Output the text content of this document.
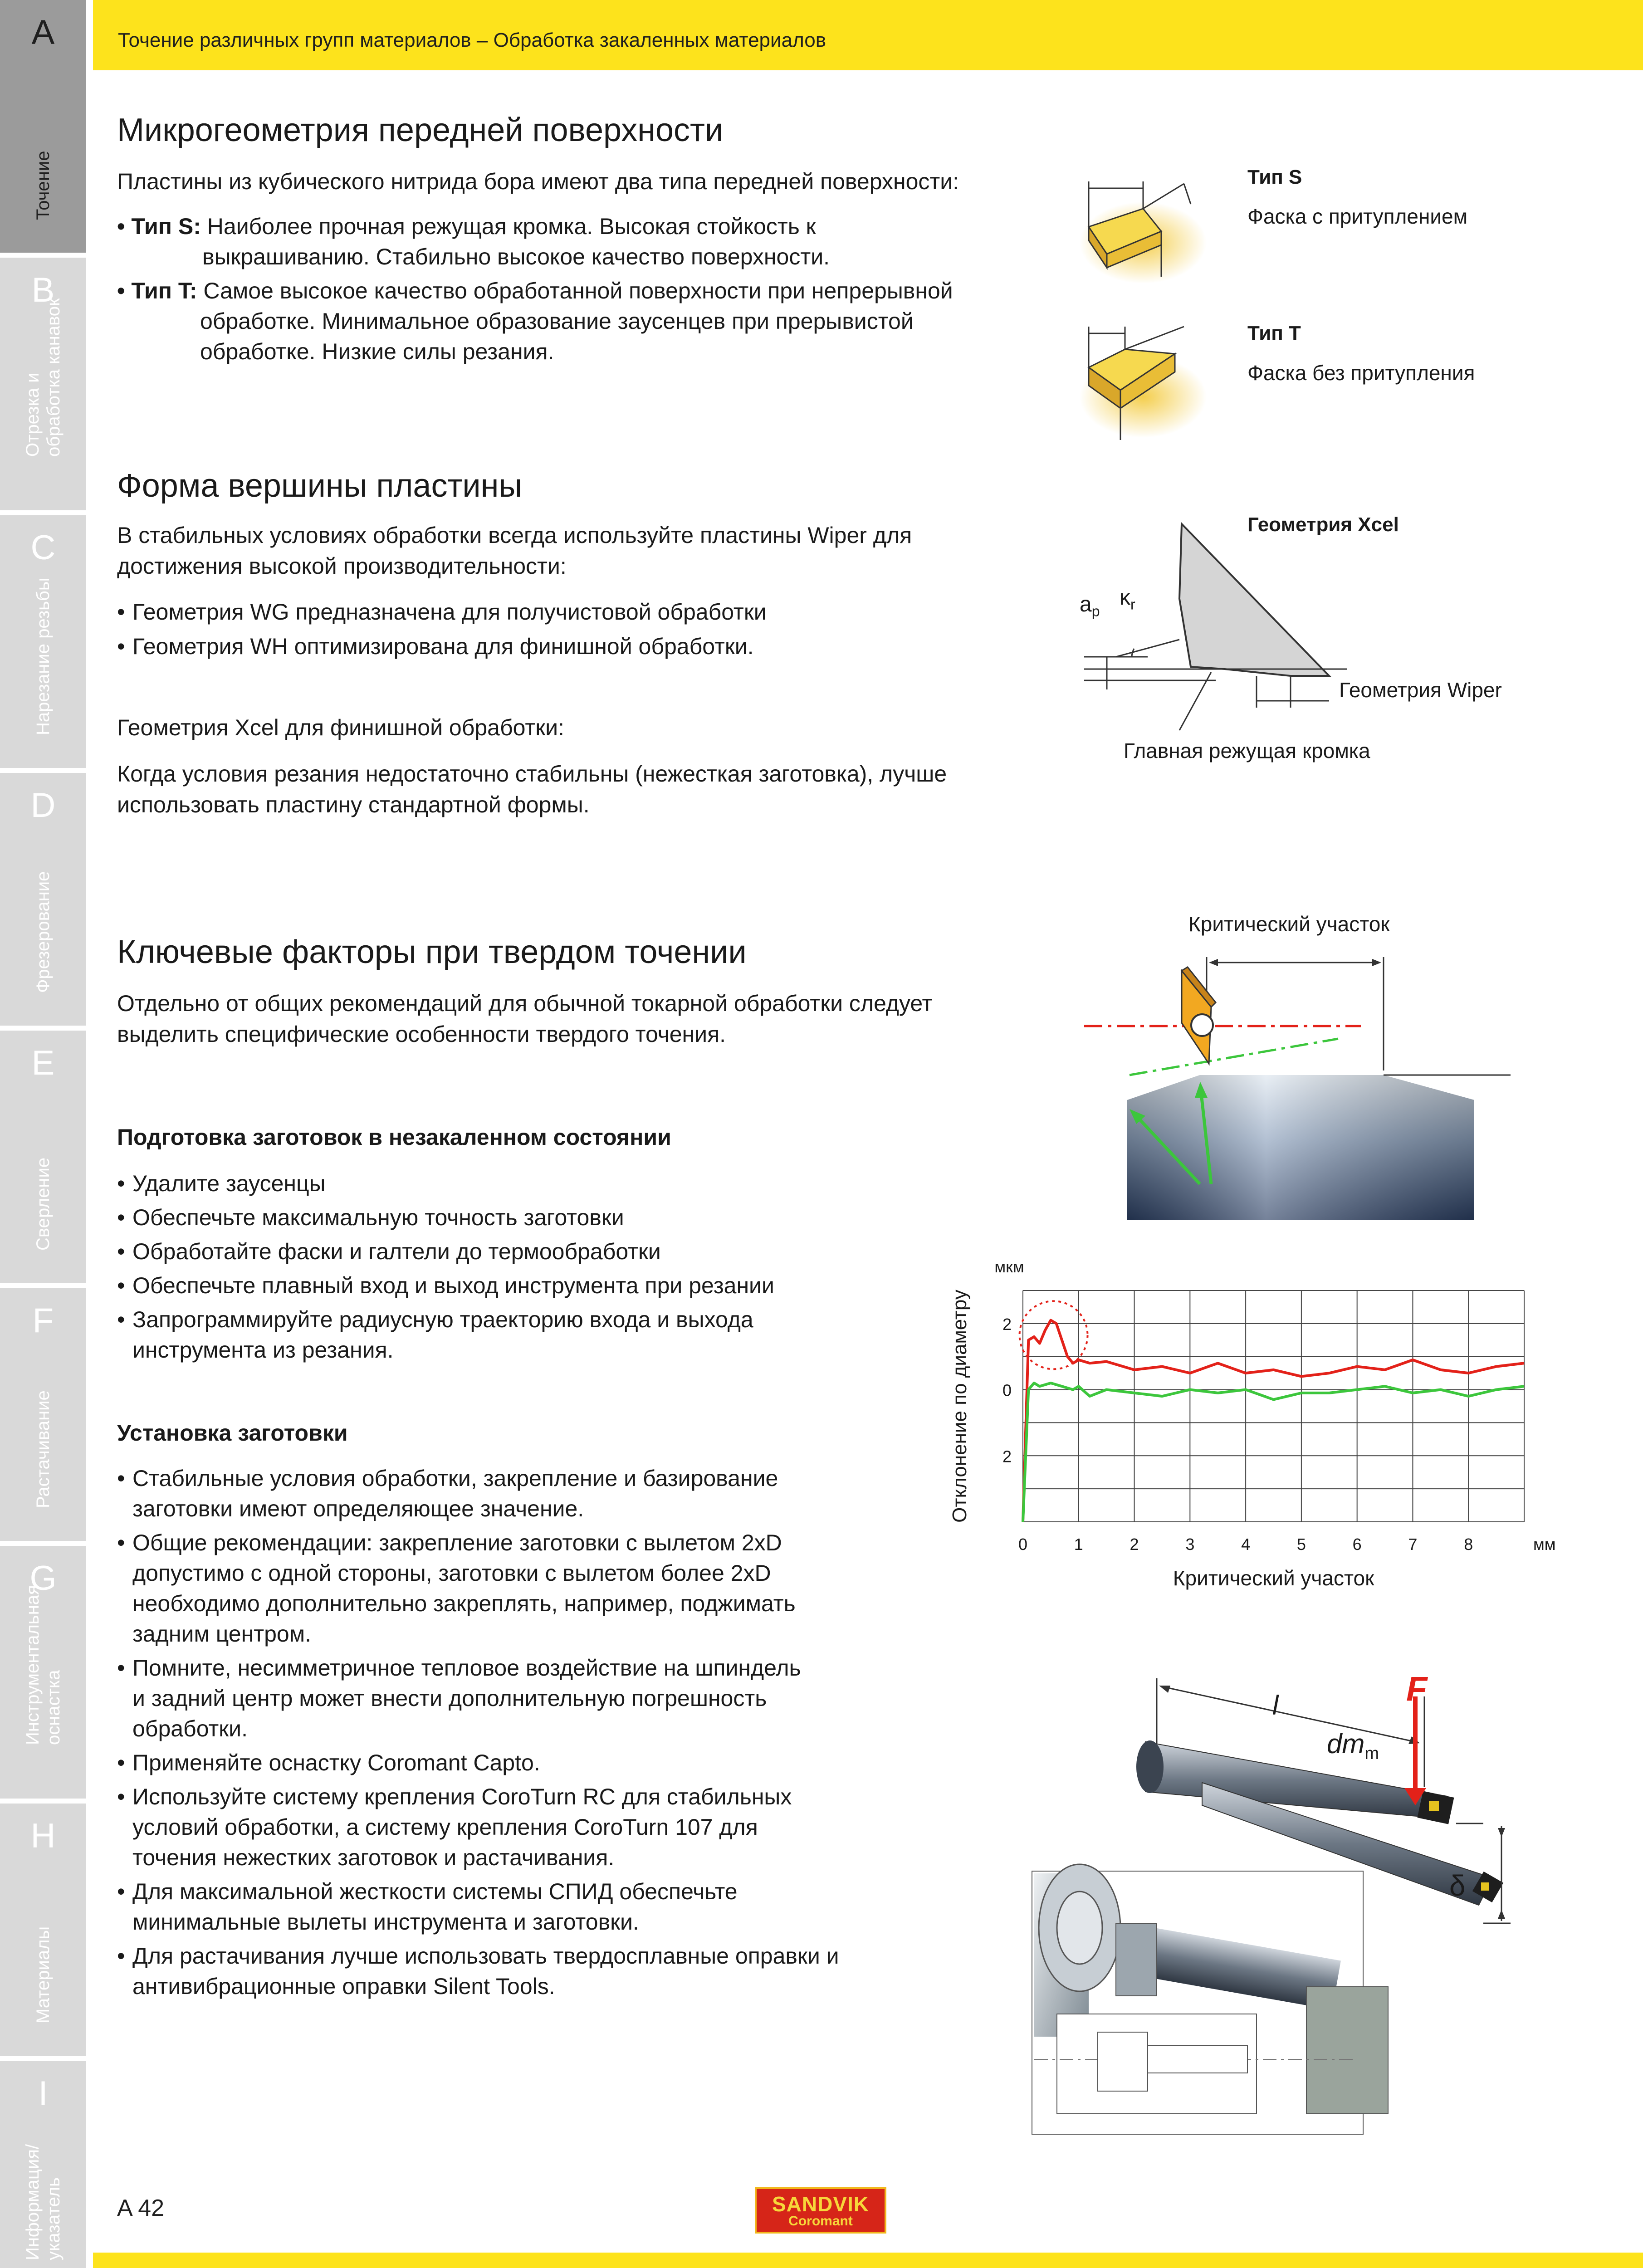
A
Точение
B
Отрезка и
обработка канавок
C
Нарезание резьбы
D
Фрезерование
E
Сверление
F
Растачивание
G
Инструментальная
оснастка
H
Материалы
I
Информация/
указатель
Точение различных групп материалов – Обработка закаленных материалов
Микрогеометрия передней поверхности
Пластины из кубического нитрида бора имеют два типа передней поверхности:
• Тип S: Наиболее прочная режущая кромка. Высокая стойкость к
выкрашиванию. Стабильно высокое качество поверхности.
• Тип T: Самое высокое качество обработанной поверхности при непрерывной
обработке. Минимальное образование заусенцев при прерывистой
обработке. Низкие силы резания.
Тип S
Фаска с притуплением
Тип T
Фаска без притупления
Форма вершины пластины
В стабильных условиях обработки всегда используйте пластины Wiper для
достижения высокой производительности:
• Геометрия WG предназначена для получистовой обработки
• Геометрия WH оптимизирована для финишной обработки.
Геометрия Xcel для финишной обработки:
Когда условия резания недостаточно стабильны (нежесткая заготовка), лучше
использовать пластину стандартной формы.
Геометрия Xcel
$a_p$
$\kappa_r$
Геометрия Wiper
Главная режущая кромка
Ключевые факторы при твердом точении
Отдельно от общих рекомендаций для обычной токарной обработки следует
выделить специфические особенности твердого точения.
Подготовка заготовок в незакаленном состоянии
• Удалите заусенцы
• Обеспечьте максимальную точность заготовки
• Обработайте фаски и галтели до термообработки
• Обеспечьте плавный вход и выход инструмента при резании
• Запрограммируйте радиусную траекторию входа и выхода
инструмента из резания.
Установка заготовки
• Стабильные условия обработки, закрепление и базирование
заготовки имеют определяющее значение.
• Общие рекомендации: закрепление заготовки с вылетом 2xD
допустимо с одной стороны, заготовки с вылетом более 2xD
необходимо дополнительно закреплять, например, поджимать
задним центром.
• Помните, несимметричное тепловое воздействие на шпиндель
и задний центр может внести дополнительную погрешность
обработки.
• Применяйте оснастку Coromant Capto.
• Используйте систему крепления CoroTurn RC для стабильных
условий обработки, а систему крепления CoroTurn 107 для
точения нежестких заготовок и растачивания.
• Для максимальной жесткости системы СПИД обеспечьте
минимальные вылеты инструмента и заготовки.
• Для растачивания лучше использовать твердосплавные оправки и
антивибрационные оправки Silent Tools.
Критический участок
2
0
2
0	1	2	3	4	5	6	7	8
мкм
мм
Критический участок
Отклонение по диаметру
l
$dm_m$
F
δ
A 42	SANDVIK
Coromant
